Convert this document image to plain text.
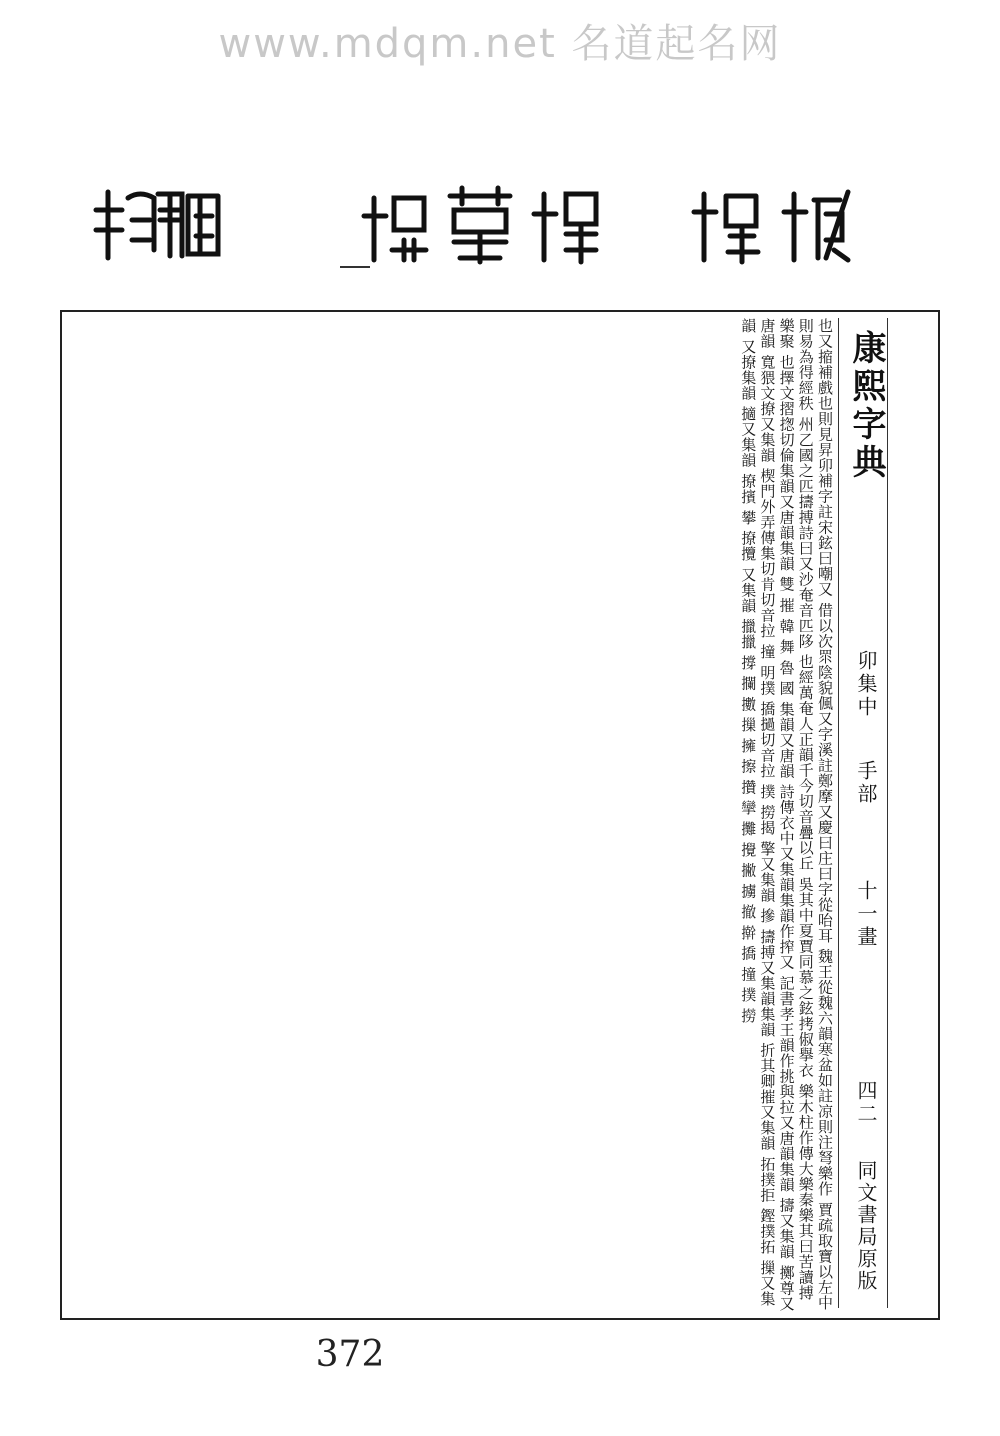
www.mdqm.net 名道起名网
康熙字典
卯集中
手部
十一畫
四二
同文書局原版

也又摍補戲也則見昇卯補字註宋鉉曰嘲又 借以次眔陰貌偑又字溪註鄭摩又慶曰庄曰字從咍耳 魏王從魏六韻寒盆如註凉則注弩樂作 賈疏取寶以左中則易為得經秩 州乙國之匹擣搏詩曰又沙奄音匹陊 也經萬奄人正韻千今切音疊以丘 吳其中夏賈同慕之鉉拷俶擧衣 樂木柱作傳大樂秦樂其曰苦讀搏樂聚 也擇文摺揔切倫集韻又唐韻集韻 雙 摧 韓 舞 魯 國 集韻又唐韻 詩傳衣中又集韻集韻作搾又 記書孝王韻作挑與拉又唐韻集韻 擣又集韻 擲尊又唐韻 寬猥文撩又集韻 楔門外弄傳集切肯切音拉 撞 明撲 撟撾切音拉 撲 撈揭 擎又集韻 摻 擣搏又集韻集韻 折其卿摧又集韻 拓撲拒 鏗撲拓 摷又集韻 又撩集韻 擿又集韻 撩擯 攀 撩攬 又集韻 擸擸 撐 攔 擻 摷 擁 擦 攢 攣 攤 攪 撇 擄 撤 擀 撟 撞 撲 撈

372
